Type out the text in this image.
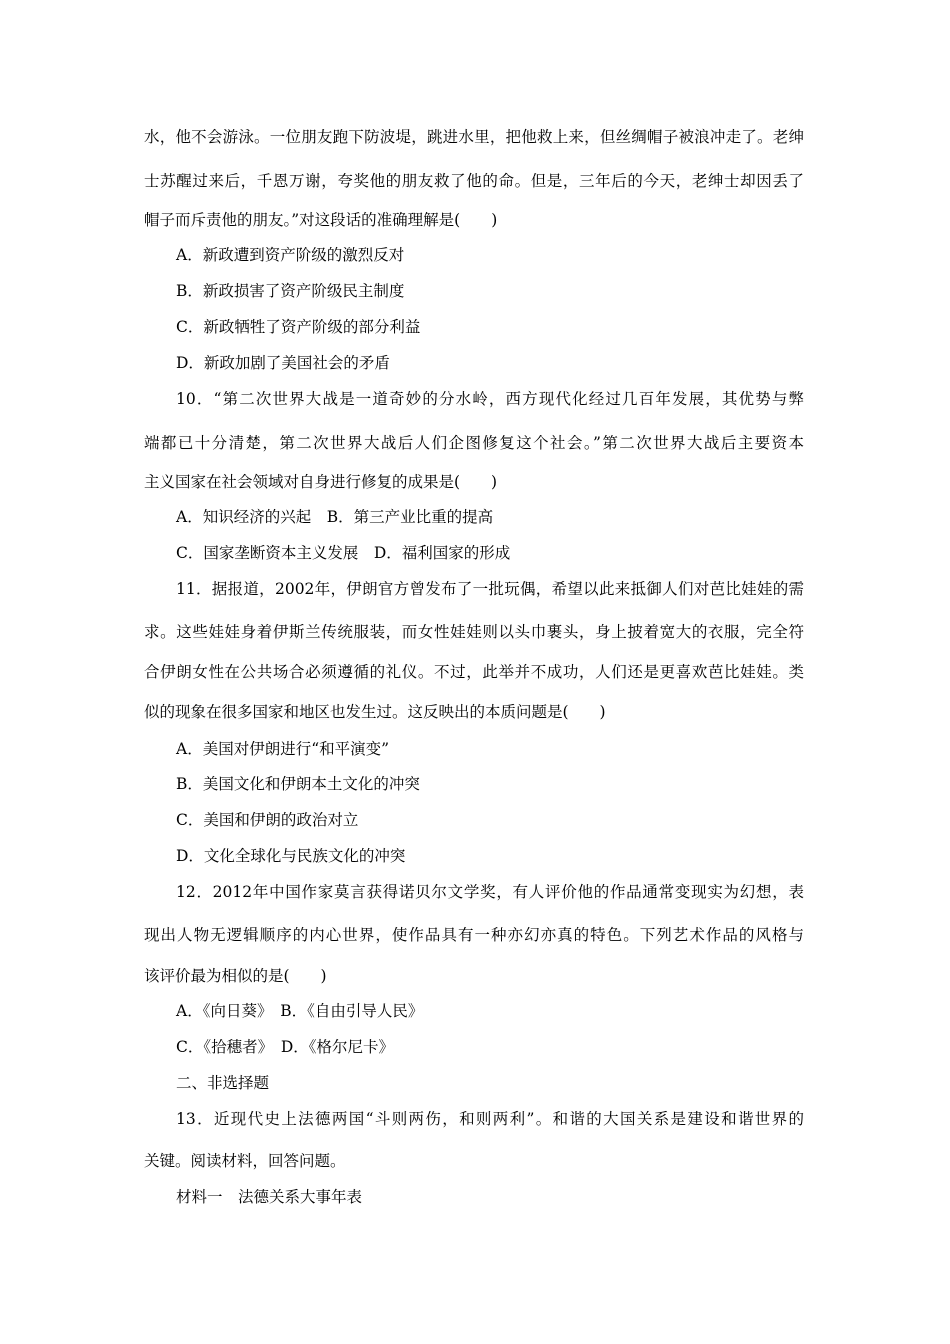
水，他不会游泳。一位朋友跑下防波堤，跳进水里，把他救上来，但丝绸帽子被浪冲走了。老绅
士苏醒过来后，千恩万谢，夸奖他的朋友救了他的命。但是，三年后的今天，老绅士却因丢了
帽子而斥责他的朋友。”对这段话的准确理解是(　　)
A．新政遭到资产阶级的激烈反对
B．新政损害了资产阶级民主制度
C．新政牺牲了资产阶级的部分利益
D．新政加剧了美国社会的矛盾
10．“第二次世界大战是一道奇妙的分水岭，西方现代化经过几百年发展，其优势与弊
端都已十分清楚，第二次世界大战后人们企图修复这个社会。”第二次世界大战后主要资本
主义国家在社会领域对自身进行修复的成果是(　　)
A．知识经济的兴起　B．第三产业比重的提高
C．国家垄断资本主义发展　D．福利国家的形成
11．据报道，2002年，伊朗官方曾发布了一批玩偶，希望以此来抵御人们对芭比娃娃的需
求。这些娃娃身着伊斯兰传统服装，而女性娃娃则以头巾裹头，身上披着宽大的衣服，完全符
合伊朗女性在公共场合必须遵循的礼仪。不过，此举并不成功，人们还是更喜欢芭比娃娃。类
似的现象在很多国家和地区也发生过。这反映出的本质问题是(　　)
A．美国对伊朗进行“和平演变”
B．美国文化和伊朗本土文化的冲突
C．美国和伊朗的政治对立
D．文化全球化与民族文化的冲突
12．2012年中国作家莫言获得诺贝尔文学奖，有人评价他的作品通常变现实为幻想，表
现出人物无逻辑顺序的内心世界，使作品具有一种亦幻亦真的特色。下列艺术作品的风格与
该评价最为相似的是(　　)
A．《向日葵》　B．《自由引导人民》
C．《拾穗者》　D．《格尔尼卡》
二、非选择题
13．近现代史上法德两国“斗则两伤，和则两利”。和谐的大国关系是建设和谐世界的
关键。阅读材料，回答问题。
材料一　法德关系大事年表
